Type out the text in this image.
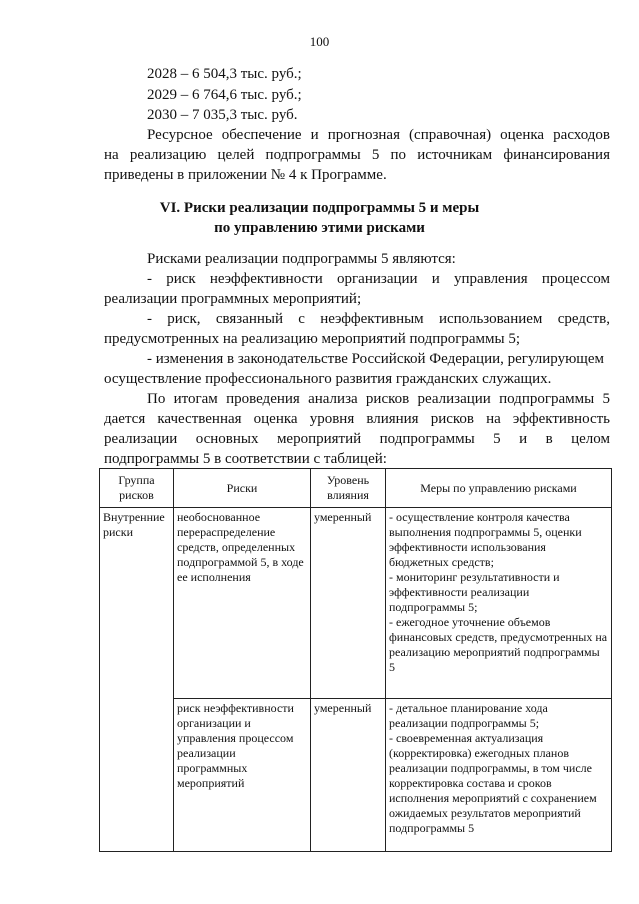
100
2028 – 6 504,3 тыс. руб.;
2029 – 6 764,6 тыс. руб.;
2030 – 7 035,3 тыс. руб.
Ресурсное обеспечение и прогнозная (справочная) оценка расходов
на реализацию целей подпрограммы 5 по источникам финансирования
приведены в приложении № 4 к Программе.
VI. Риски реализации подпрограммы 5 и меры
по управлению этими рисками
Рисками реализации подпрограммы 5 являются:
- риск неэффективности организации и управления процессом
реализации программных мероприятий;
- риск, связанный с неэффективным использованием средств,
предусмотренных на реализацию мероприятий подпрограммы 5;
- изменения в законодательстве Российской Федерации, регулирующем
осуществление профессионального развития гражданских служащих.
По итогам проведения анализа рисков реализации подпрограммы 5
дается качественная оценка уровня влияния рисков на эффективность
реализации основных мероприятий подпрограммы 5 и в целом
подпрограммы 5 в соответствии с таблицей:
Группа рисков	Риски	Уровень влияния	Меры по управлению рисками
Внутренние риски	необоснованное перераспределение средств, определенных подпрограммой 5, в ходе ее исполнения	умеренный	- осуществление контроля качества выполнения подпрограммы 5, оценки эффективности использования бюджетных средств;
- мониторинг результативности и эффективности реализации подпрограммы 5;
- ежегодное уточнение объемов финансовых средств, предусмотренных на реализацию мероприятий подпрограммы 5

	риск неэффективности организации и управления процессом реализации программных мероприятий	умеренный	- детальное планирование хода реализации подпрограммы 5;
- своевременная актуализация (корректировка) ежегодных планов реализации подпрограммы, в том числе корректировка состава и сроков исполнения мероприятий с сохранением ожидаемых результатов мероприятий подпрограммы 5
